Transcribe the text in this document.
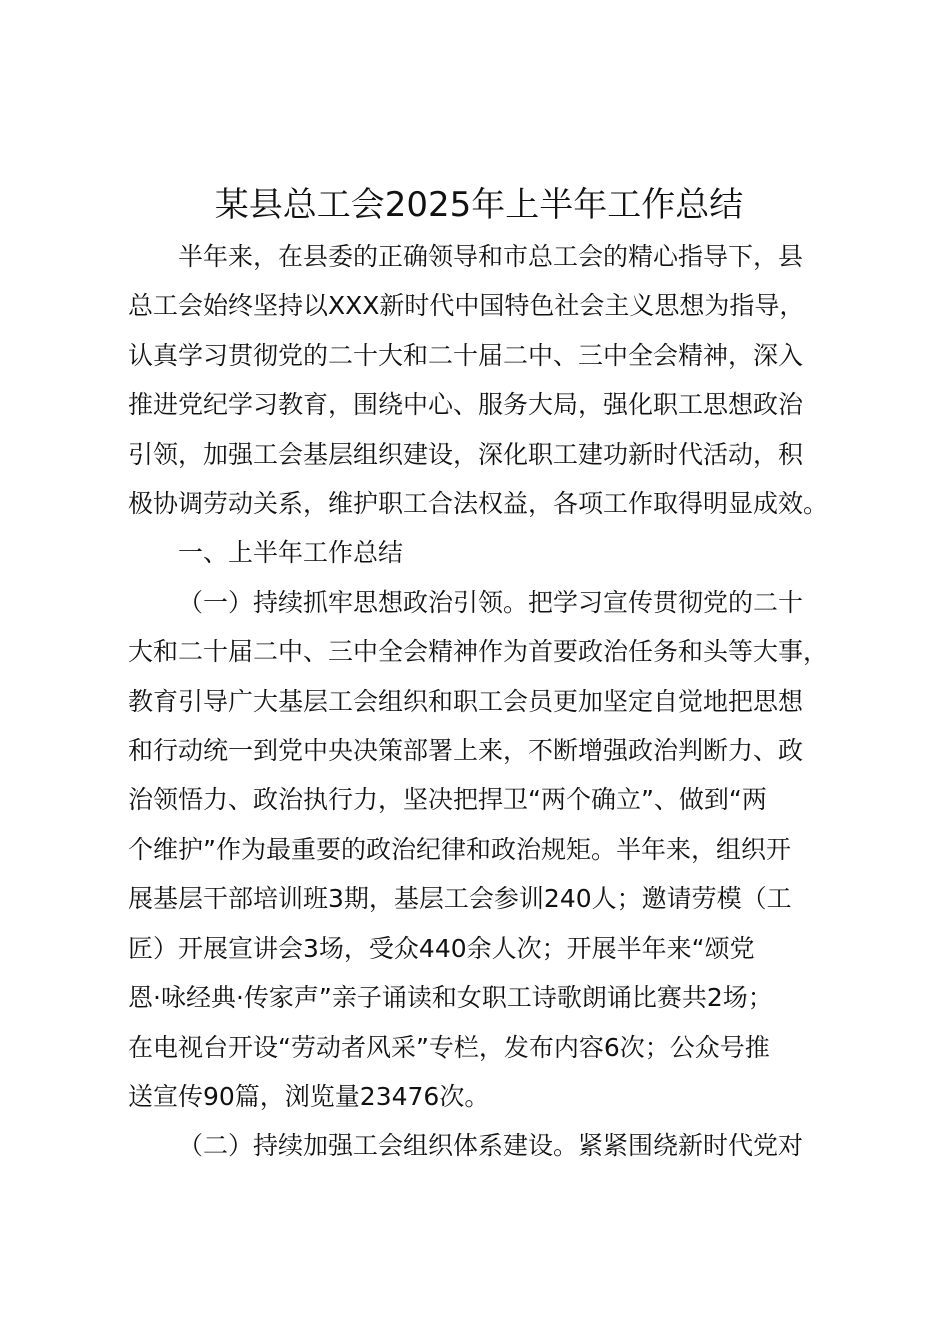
某县总工会2025年上半年工作总结
半年来，在县委的正确领导和市总工会的精心指导下，县
总工会始终坚持以XXX新时代中国特色社会主义思想为指导，
认真学习贯彻党的二十大和二十届二中、三中全会精神，深入
推进党纪学习教育，围绕中心、服务大局，强化职工思想政治
引领，加强工会基层组织建设，深化职工建功新时代活动，积
极协调劳动关系，维护职工合法权益，各项工作取得明显成效。
一、上半年工作总结
（一）持续抓牢思想政治引领。把学习宣传贯彻党的二十
大和二十届二中、三中全会精神作为首要政治任务和头等大事，
教育引导广大基层工会组织和职工会员更加坚定自觉地把思想
和行动统一到党中央决策部署上来，不断增强政治判断力、政
治领悟力、政治执行力，坚决把捍卫“两个确立”、做到“两
个维护”作为最重要的政治纪律和政治规矩。半年来，组织开
展基层干部培训班3期，基层工会参训240人；邀请劳模（工
匠）开展宣讲会3场，受众440余人次；开展半年来“颂党
恩·咏经典·传家声”亲子诵读和女职工诗歌朗诵比赛共2场；
在电视台开设“劳动者风采”专栏，发布内容6次；公众号推
送宣传90篇，浏览量23476次。
（二）持续加强工会组织体系建设。紧紧围绕新时代党对
